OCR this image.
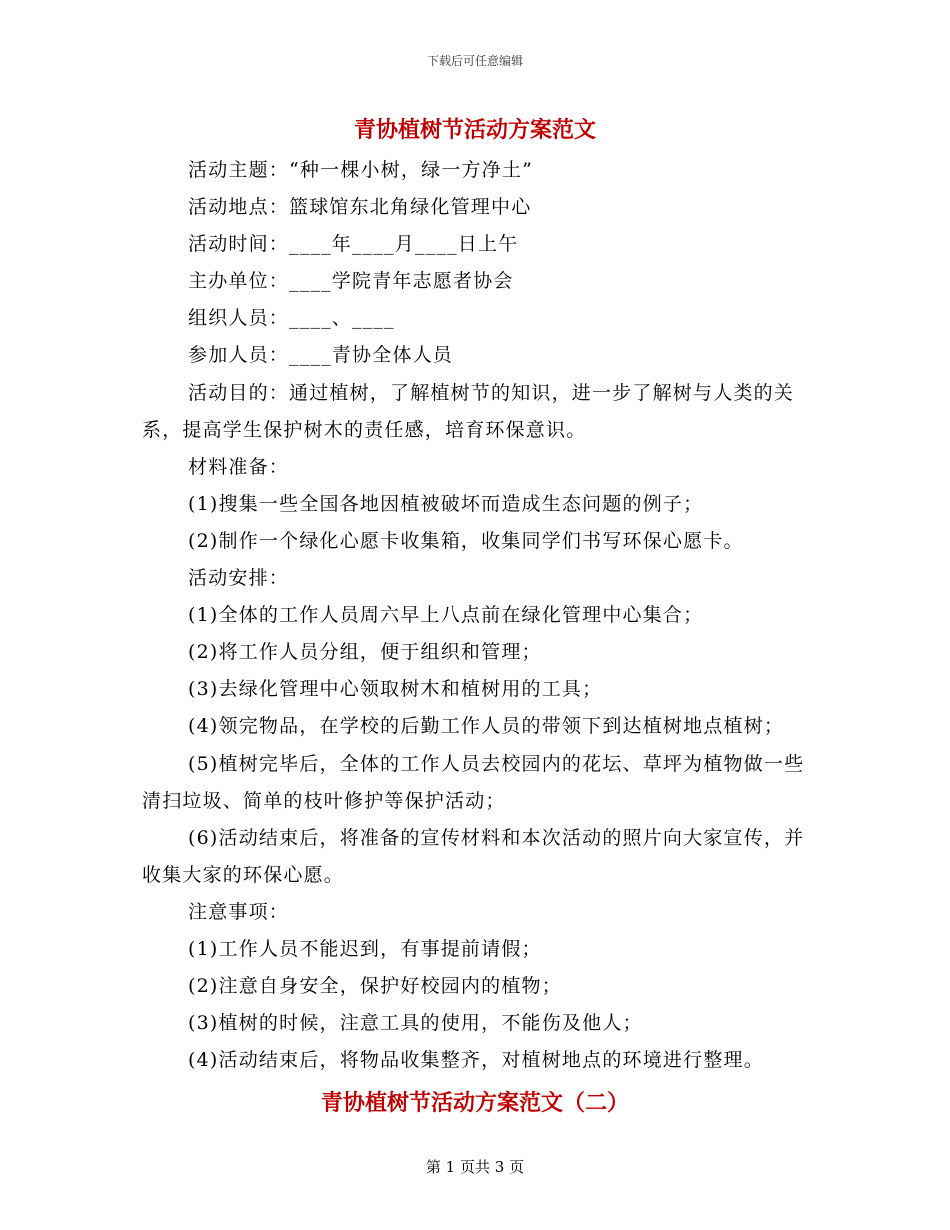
下载后可任意编辑
青协植树节活动方案范文

活动主题：“种一棵小树，绿一方净土”

活动地点：篮球馆东北角绿化管理中心

活动时间：____年____月____日上午

主办单位：____学院青年志愿者协会

组织人员：____、____

参加人员：____青协全体人员

活动目的：通过植树，了解植树节的知识，进一步了解树与人类的关系，提高学生保护树木的责任感，培育环保意识。

材料准备：

(1)搜集一些全国各地因植被破坏而造成生态问题的例子；

(2)制作一个绿化心愿卡收集箱，收集同学们书写环保心愿卡。

活动安排：

(1)全体的工作人员周六早上八点前在绿化管理中心集合；

(2)将工作人员分组，便于组织和管理；

(3)去绿化管理中心领取树木和植树用的工具；

(4)领完物品，在学校的后勤工作人员的带领下到达植树地点植树；

(5)植树完毕后，全体的工作人员去校园内的花坛、草坪为植物做一些清扫垃圾、简单的枝叶修护等保护活动；

(6)活动结束后，将准备的宣传材料和本次活动的照片向大家宣传，并收集大家的环保心愿。

注意事项：

(1)工作人员不能迟到，有事提前请假；

(2)注意自身安全，保护好校园内的植物；

(3)植树的时候，注意工具的使用，不能伤及他人；

(4)活动结束后，将物品收集整齐，对植树地点的环境进行整理。

青协植树节活动方案范文（二）
第 1 页共 3 页
